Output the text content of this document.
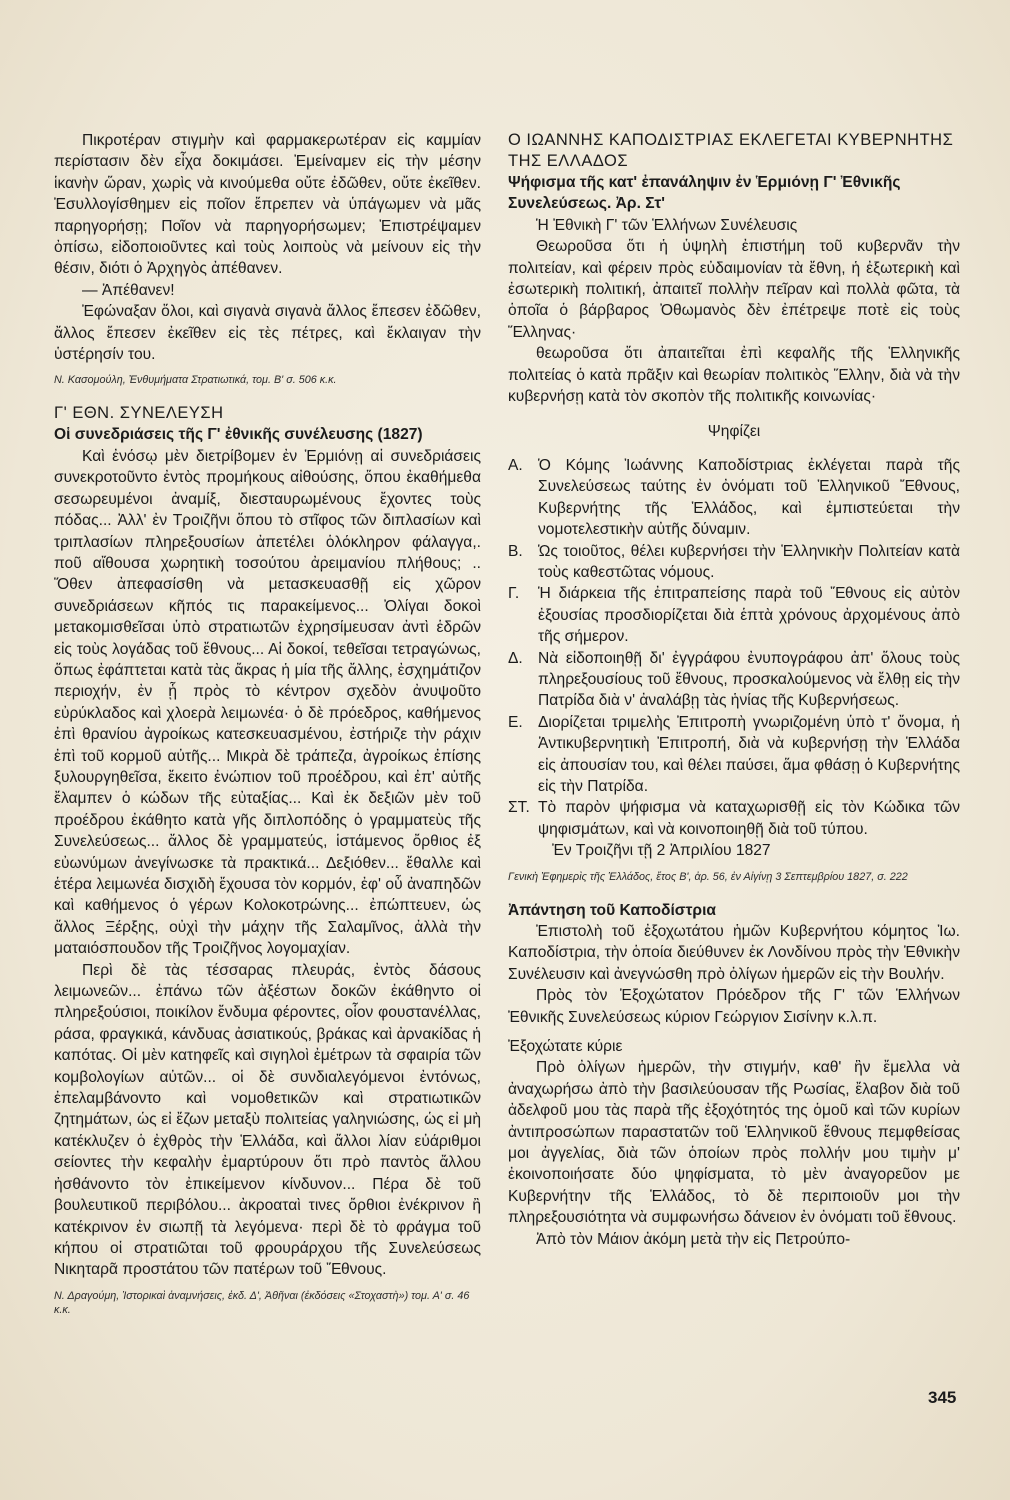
Πικροτέραν στιγμὴν καὶ φαρμακερωτέραν εἰς καμμίαν περίστασιν δὲν εἶχα δοκιμάσει. Ἐμείναμεν εἰς τὴν μέσην ἱκανὴν ὥραν, χωρὶς νὰ κινούμεθα οὔτε ἐδῶθεν, οὔτε ἐκεῖθεν. Ἐσυλλογίσθημεν εἰς ποῖον ἔπρεπεν νὰ ὑπάγωμεν νὰ μᾶς παρηγορήσῃ; Ποῖον νὰ παρηγορήσωμεν; Ἐπιστρέψαμεν ὀπίσω, εἰδοποιοῦντες καὶ τοὺς λοιποὺς νὰ μείνουν εἰς τὴν θέσιν, διότι ὁ Ἀρχηγὸς ἀπέθανεν.

— Ἀπέθανεν!

Ἐφώναξαν ὅλοι, καὶ σιγανὰ σιγανὰ ἄλλος ἔπεσεν ἐδῶθεν, ἄλλος ἔπεσεν ἐκεῖθεν εἰς τὲς πέτρες, καὶ ἔκλαιγαν τὴν ὑστέρησίν του.

Ν. Κασομούλη, Ἐνθυμήματα Στρατιωτικά, τομ. Β' σ. 506 κ.κ.

Γ' ΕΘΝ. ΣΥΝΕΛΕΥΣΗ

Οἱ συνεδριάσεις τῆς Γ' ἐθνικῆς συνέλευσης (1827)

Καὶ ἐνόσῳ μὲν διετρίβομεν ἐν Ἑρμιόνῃ αἱ συνεδριάσεις συνεκροτοῦντο ἐντὸς προμήκους αἰθούσης, ὅπου ἐκαθήμεθα σεσωρευμένοι ἀναμίξ, διεσταυρωμένους ἔχοντες τοὺς πόδας... Ἀλλ' ἐν Τροιζῆνι ὅπου τὸ στῖφος τῶν διπλασίων καὶ τριπλασίων πληρεξουσίων ἀπετέλει ὁλόκληρον φάλαγγα,. ποῦ αἴθουσα χωρητικὴ τοσούτου ἀρειμανίου πλήθους; .. Ὅθεν ἀπεφασίσθη νὰ μετασκευασθῇ εἰς χῶρον συνεδριάσεων κῆπός τις παρακείμενος... Ὀλίγαι δοκοὶ μετακομισθεῖσαι ὑπὸ στρατιωτῶν ἐχρησίμευσαν ἀντὶ ἑδρῶν εἰς τοὺς λογάδας τοῦ ἔθνους... Αἱ δοκοί, τεθεῖσαι τετραγώνως, ὅπως ἐφάπτεται κατὰ τὰς ἄκρας ἡ μία τῆς ἄλλης, ἐσχημάτιζον περιοχήν, ἐν ᾗ πρὸς τὸ κέντρον σχεδὸν ἀνυψοῦτο εὐρύκλαδος καὶ χλοερὰ λειμωνέα· ὁ δὲ πρόεδρος, καθήμενος ἐπὶ θρανίου ἀγροίκως κατεσκευασμένου, ἐστήριζε τὴν ράχιν ἐπὶ τοῦ κορμοῦ αὐτῆς... Μικρὰ δὲ τράπεζα, ἀγροίκως ἐπίσης ξυλουργηθεῖσα, ἔκειτο ἐνώπιον τοῦ προέδρου, καὶ ἐπ' αὐτῆς ἔλαμπεν ὁ κώδων τῆς εὐταξίας... Καὶ ἐκ δεξιῶν μὲν τοῦ προέδρου ἐκάθητο κατὰ γῆς διπλοπόδης ὁ γραμματεὺς τῆς Συνελεύσεως... ἄλλος δὲ γραμματεύς, ἱστάμενος ὄρθιος ἐξ εὐωνύμων ἀνεγίνωσκε τὰ πρακτικά... Δεξιόθεν... ἔθαλλε καὶ ἑτέρα λειμωνέα δισχιδὴ ἔχουσα τὸν κορμόν, ἐφ' οὗ ἀναπηδῶν καὶ καθήμενος ὁ γέρων Κολοκοτρώνης... ἐπώπτευεν, ὡς ἄλλος Ξέρξης, οὐχὶ τὴν μάχην τῆς Σαλαμῖνος, ἀλλὰ τὴν ματαιόσπουδον τῆς Τροιζῆνος λογομαχίαν.

Περὶ δὲ τὰς τέσσαρας πλευράς, ἐντὸς δάσους λειμωνεῶν... ἐπάνω τῶν ἀξέστων δοκῶν ἐκάθηντο οἱ πληρεξούσιοι, ποικίλον ἔνδυμα φέροντες, οἷον φουστανέλλας, ράσα, φραγκικά, κάνδυας ἀσιατικούς, βράκας καὶ ἀρνακίδας ἡ καπότας. Οἱ μὲν κατηφεῖς καὶ σιγηλοὶ ἐμέτρων τὰ σφαιρία τῶν κομβολογίων αὐτῶν... οἱ δὲ συνδιαλεγόμενοι ἐντόνως, ἐπελαμβάνοντο καὶ νομοθετικῶν καὶ στρατιωτικῶν ζητημάτων, ὡς εἰ ἔζων μεταξὺ πολιτείας γαληνιώσης, ὡς εἰ μὴ κατέκλυζεν ὁ ἐχθρὸς τὴν Ἑλλάδα, καὶ ἄλλοι λίαν εὐάριθμοι σείοντες τὴν κεφαλὴν ἐμαρτύρουν ὅτι πρὸ παντὸς ἄλλου ἠσθάνοντο τὸν ἐπικείμενον κίνδυνον... Πέρα δὲ τοῦ βουλευτικοῦ περιβόλου... ἀκροαταὶ τινες ὄρθιοι ἐνέκρινον ἢ κατέκρινον ἐν σιωπῇ τὰ λεγόμενα· περὶ δὲ τὸ φράγμα τοῦ κήπου οἱ στρατιῶται τοῦ φρουράρχου τῆς Συνελεύσεως Νικηταρᾶ προστάτου τῶν πατέρων τοῦ Ἔθνους.

Ν. Δραγούμη, Ἱστορικαὶ ἀναμνήσεις, ἐκδ. Δ', Ἀθῆναι (ἐκδόσεις «Στοχαστὴ») τομ. Α' σ. 46 κ.κ.

Ο ΙΩΑΝΝΗΣ ΚΑΠΟΔΙΣΤΡΙΑΣ ΕΚΛΕΓΕΤΑΙ ΚΥΒΕΡΝΗΤΗΣ ΤΗΣ ΕΛΛΑΔΟΣ

Ψήφισμα τῆς κατ' ἐπανάληψιν ἐν Ἑρμιόνῃ Γ' Ἐθνικῆς Συνελεύσεως. Ἀρ. Στ'

Ἡ Ἐθνικὴ Γ' τῶν Ἑλλήνων Συνέλευσις

Θεωροῦσα ὅτι ἡ ὑψηλὴ ἐπιστήμη τοῦ κυβερνᾶν τὴν πολιτείαν, καὶ φέρειν πρὸς εὐδαιμονίαν τὰ ἔθνη, ἡ ἐξωτερικὴ καὶ ἐσωτερικὴ πολιτική, ἀπαιτεῖ πολλὴν πεῖραν καὶ πολλὰ φῶτα, τὰ ὁποῖα ὁ βάρβαρος Ὀθωμανὸς δὲν ἐπέτρεψε ποτὲ εἰς τοὺς Ἕλληνας·

θεωροῦσα ὅτι ἀπαιτεῖται ἐπὶ κεφαλῆς τῆς Ἑλληνικῆς πολιτείας ὁ κατὰ πρᾶξιν καὶ θεωρίαν πολιτικὸς Ἕλλην, διὰ νὰ τὴν κυβερνήσῃ κατὰ τὸν σκοπὸν τῆς πολιτικῆς κοινωνίας·

Ψηφίζει

Α. Ὁ Κόμης Ἰωάννης Καποδίστριας ἐκλέγεται παρὰ τῆς Συνελεύσεως ταύτης ἐν ὀνόματι τοῦ Ἑλληνικοῦ Ἔθνους, Κυβερνήτης τῆς Ἑλλάδος, καὶ ἐμπιστεύεται τὴν νομοτελεστικὴν αὐτῆς δύναμιν.
Β. Ὡς τοιοῦτος, θέλει κυβερνήσει τὴν Ἑλληνικὴν Πολιτείαν κατὰ τοὺς καθεστῶτας νόμους.
Γ.	Ἡ διάρκεια τῆς ἐπιτραπείσης παρὰ τοῦ Ἔθνους εἰς αὐτὸν ἐξουσίας προσδιορίζεται διὰ ἑπτὰ χρόνους ἀρχομένους ἀπὸ τῆς σήμερον.
Δ. Νὰ εἰδοποιηθῇ δι' ἐγγράφου ἐνυπογράφου ἀπ' ὅλους τοὺς πληρεξουσίους τοῦ ἔθνους, προσκαλούμενος νὰ ἔλθῃ εἰς τὴν Πατρίδα διὰ ν' ἀναλάβῃ τὰς ἡνίας τῆς Κυβερνήσεως.
Ε. Διορίζεται τριμελὴς Ἐπιτροπὴ γνωριζομένη ὑπὸ τ' ὄνομα, ἡ Ἀντικυβερνητικὴ Ἐπιτροπή, διὰ νὰ κυβερνήσῃ τὴν Ἑλλάδα εἰς ἀπουσίαν του, καὶ θέλει παύσει, ἅμα φθάσῃ ὁ Κυβερνήτης εἰς τὴν Πατρίδα.
ΣΤ. Τὸ παρὸν ψήφισμα νὰ καταχωρισθῇ εἰς τὸν Κώδικα τῶν ψηφισμάτων, καὶ νὰ κοινοποιηθῇ διὰ τοῦ τύπου.

Ἐν Τροιζῆνι τῇ 2 Ἀπριλίου 1827

Γενικὴ Ἐφημερὶς τῆς Ἑλλάδος, ἔτος Β', ἀρ. 56, ἐν Αἰγίνῃ 3 Σεπτεμβρίου 1827, σ. 222

Ἀπάντηση τοῦ Καποδίστρια

Ἐπιστολὴ τοῦ ἐξοχωτάτου ἡμῶν Κυβερνήτου κόμητος Ἰω. Καποδίστρια, τὴν ὁποία διεύθυνεν ἐκ Λονδίνου πρὸς τὴν Ἐθνικὴν Συνέλευσιν καὶ ἀνεγνώσθη πρὸ ὀλίγων ἡμερῶν εἰς τὴν Βουλήν.

Πρὸς τὸν Ἐξοχώτατον Πρόεδρον τῆς Γ' τῶν Ἑλλήνων Ἐθνικῆς Συνελεύσεως κύριον Γεώργιον Σισίνην κ.λ.π.

Ἐξοχώτατε κύριε

Πρὸ ὀλίγων ἡμερῶν, τὴν στιγμήν, καθ' ἣν ἔμελλα νὰ ἀναχωρήσω ἀπὸ τὴν βασιλεύουσαν τῆς Ρωσίας, ἔλαβον διὰ τοῦ ἀδελφοῦ μου τὰς παρὰ τῆς ἐξοχότητός της ὁμοῦ καὶ τῶν κυρίων ἀντιπροσώπων παραστατῶν τοῦ Ἑλληνικοῦ ἔθνους πεμφθείσας μοι ἀγγελίας, διὰ τῶν ὁποίων πρὸς πολλήν μου τιμὴν μ' ἐκοινοποιήσατε δύο ψηφίσματα, τὸ μὲν ἀναγορεῦον με Κυβερνήτην τῆς Ἑλλάδος, τὸ δὲ περιποιοῦν μοι τὴν πληρεξουσιότητα νὰ συμφωνήσω δάνειον ἐν ὀνόματι τοῦ ἔθνους.

Ἀπὸ τὸν Μάιον ἀκόμη μετὰ τὴν εἰς Πετρούπο-

345
